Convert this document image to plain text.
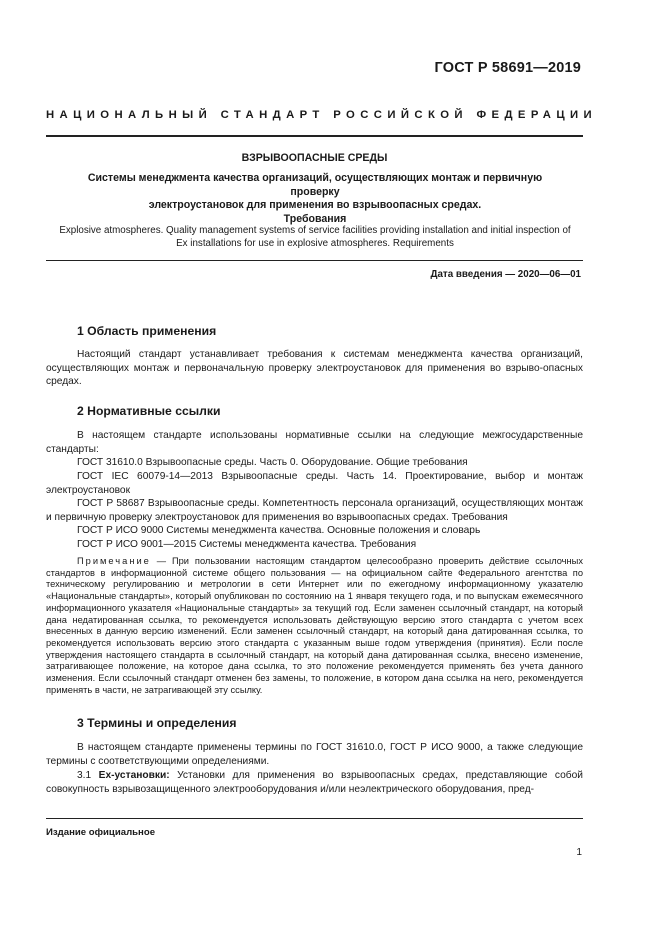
ГОСТ Р 58691—2019
НАЦИОНАЛЬНЫЙ СТАНДАРТ РОССИЙСКОЙ ФЕДЕРАЦИИ
ВЗРЫВООПАСНЫЕ СРЕДЫ
Системы менеджмента качества организаций, осуществляющих монтаж и первичную проверку
электроустановок для применения во взрывоопасных средах.
Требования
Explosive atmospheres. Quality management systems of service facilities providing installation and initial inspection of
Ex installations for use in explosive atmospheres. Requirements
Дата введения — 2020—06—01
1 Область применения
Настоящий стандарт устанавливает требования к системам менеджмента качества организаций, осуществляющих монтаж и первоначальную проверку электроустановок для применения во взрыво-опасных средах.
2 Нормативные ссылки
В настоящем стандарте использованы нормативные ссылки на следующие межгосударственные стандарты:
ГОСТ 31610.0 Взрывоопасные среды. Часть 0. Оборудование. Общие требования
ГОСТ IEC 60079-14—2013 Взрывоопасные среды. Часть 14. Проектирование, выбор и монтаж электроустановок
ГОСТ Р 58687 Взрывоопасные среды. Компетентность персонала организаций, осуществляющих монтаж и первичную проверку электроустановок для применения во взрывоопасных средах. Требования
ГОСТ Р ИСО 9000 Системы менеджмента качества. Основные положения и словарь
ГОСТ Р ИСО 9001—2015 Системы менеджмента качества. Требования
Примечание — При пользовании настоящим стандартом целесообразно проверить действие ссылочных стандартов в информационной системе общего пользования — на официальном сайте Федерального агентства по техническому регулированию и метрологии в сети Интернет или по ежегодному информационному указателю «Национальные стандарты», который опубликован по состоянию на 1 января текущего года, и по выпускам ежемесячного информационного указателя «Национальные стандарты» за текущий год. Если заменен ссылочный стандарт, на который дана недатированная ссылка, то рекомендуется использовать действующую версию этого стандарта с учетом всех внесенных в данную версию изменений. Если заменен ссылочный стандарт, на который дана датированная ссылка, то рекомендуется использовать версию этого стандарта с указанным выше годом утверждения (принятия). Если после утверждения настоящего стандарта в ссылочный стандарт, на который дана датированная ссылка, внесено изменение, затрагивающее положение, на которое дана ссылка, то это положение рекомендуется применять без учета данного изменения. Если ссылочный стандарт отменен без замены, то положение, в котором дана ссылка на него, рекомендуется применять в части, не затрагивающей эту ссылку.
3 Термины и определения
В настоящем стандарте применены термины по ГОСТ 31610.0, ГОСТ Р ИСО 9000, а также следующие термины с соответствующими определениями.
3.1 Ex-установки: Установки для применения во взрывоопасных средах, представляющие собой совокупность взрывозащищенного электрооборудования и/или неэлектрического оборудования, пред-
Издание официальное
1
